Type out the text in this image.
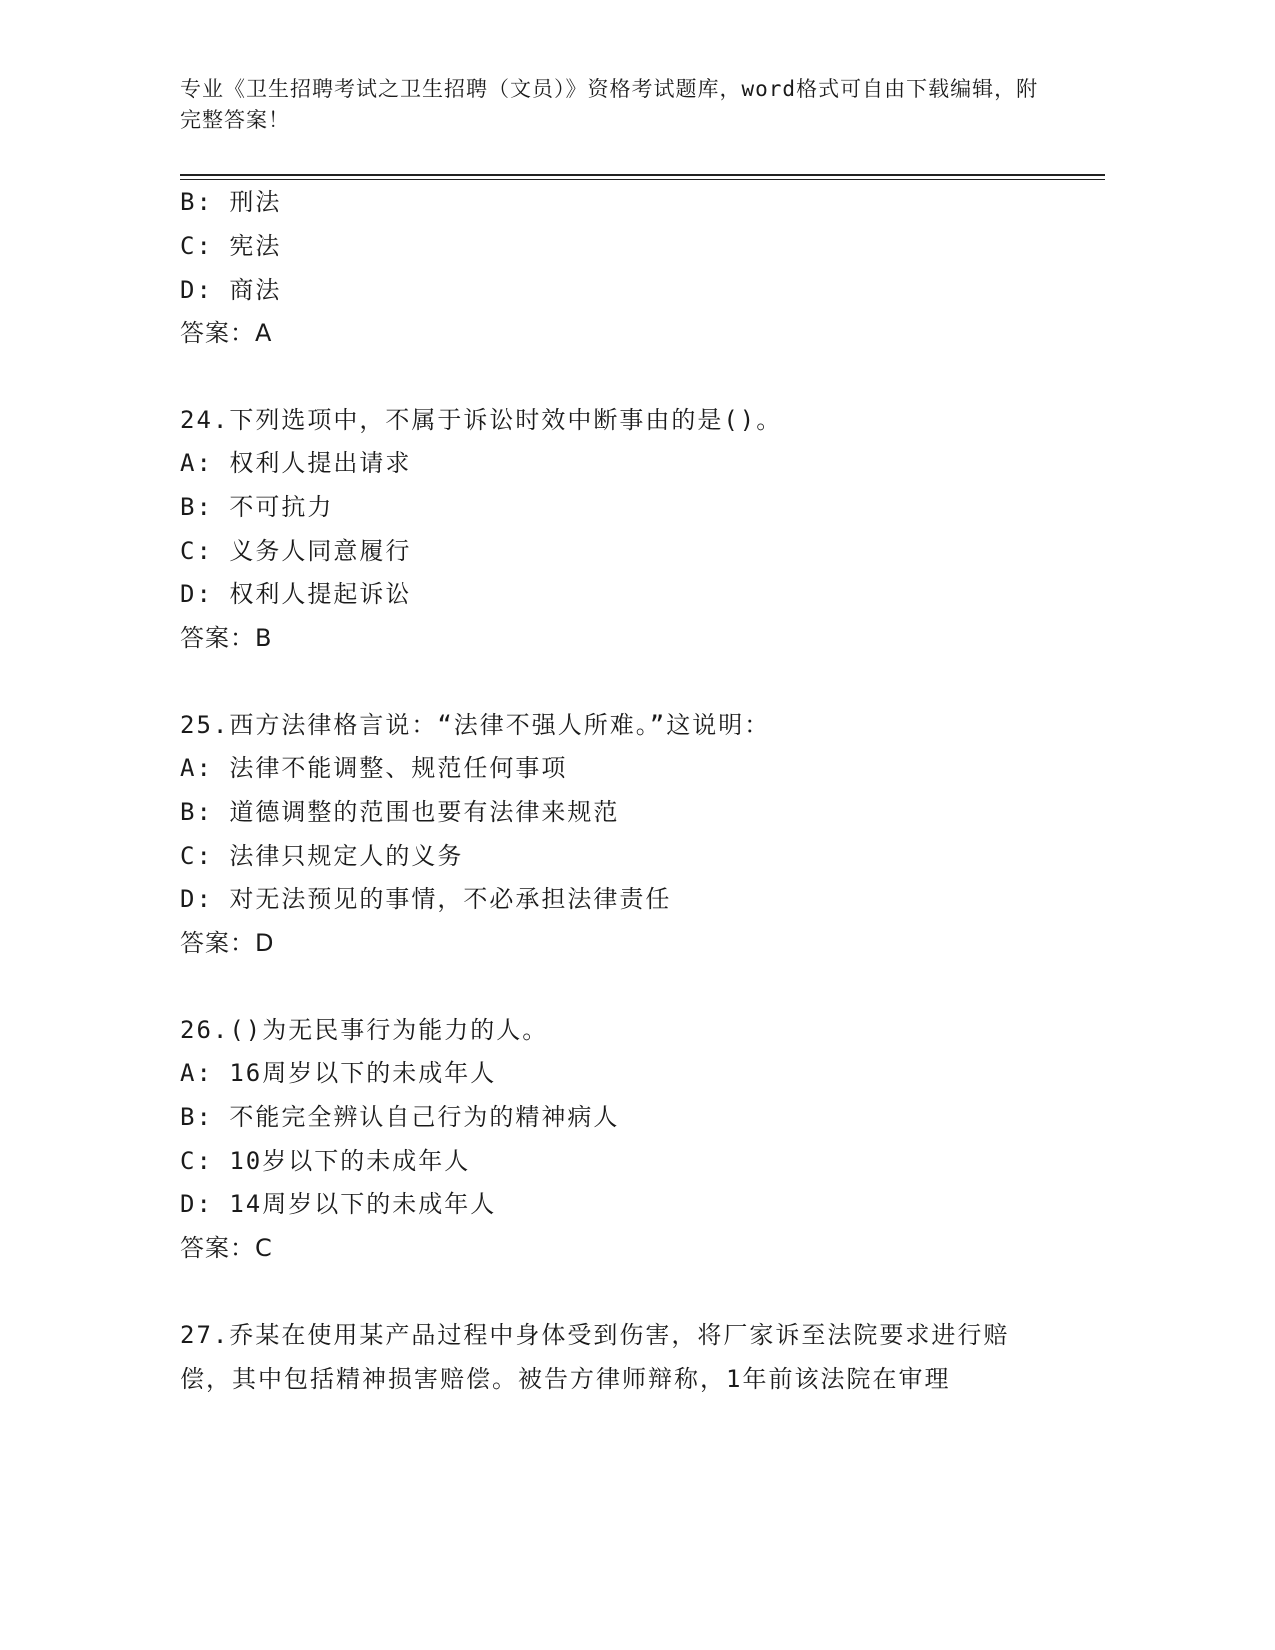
专业《卫生招聘考试之卫生招聘（文员）》资格考试题库，word格式可自由下载编辑，附完整答案！
B: 刑法
C: 宪法
D: 商法
答案：A
24.下列选项中，不属于诉讼时效中断事由的是()。
A: 权利人提出请求
B: 不可抗力
C: 义务人同意履行
D: 权利人提起诉讼
答案：B
25.西方法律格言说：“法律不强人所难。”这说明：
A: 法律不能调整、规范任何事项
B: 道德调整的范围也要有法律来规范
C: 法律只规定人的义务
D: 对无法预见的事情，不必承担法律责任
答案：D
26.()为无民事行为能力的人。
A: 16周岁以下的未成年人
B: 不能完全辨认自己行为的精神病人
C: 10岁以下的未成年人
D: 14周岁以下的未成年人
答案：C
27.乔某在使用某产品过程中身体受到伤害，将厂家诉至法院要求进行赔偿，其中包括精神损害赔偿。被告方律师辩称，1年前该法院在审理
